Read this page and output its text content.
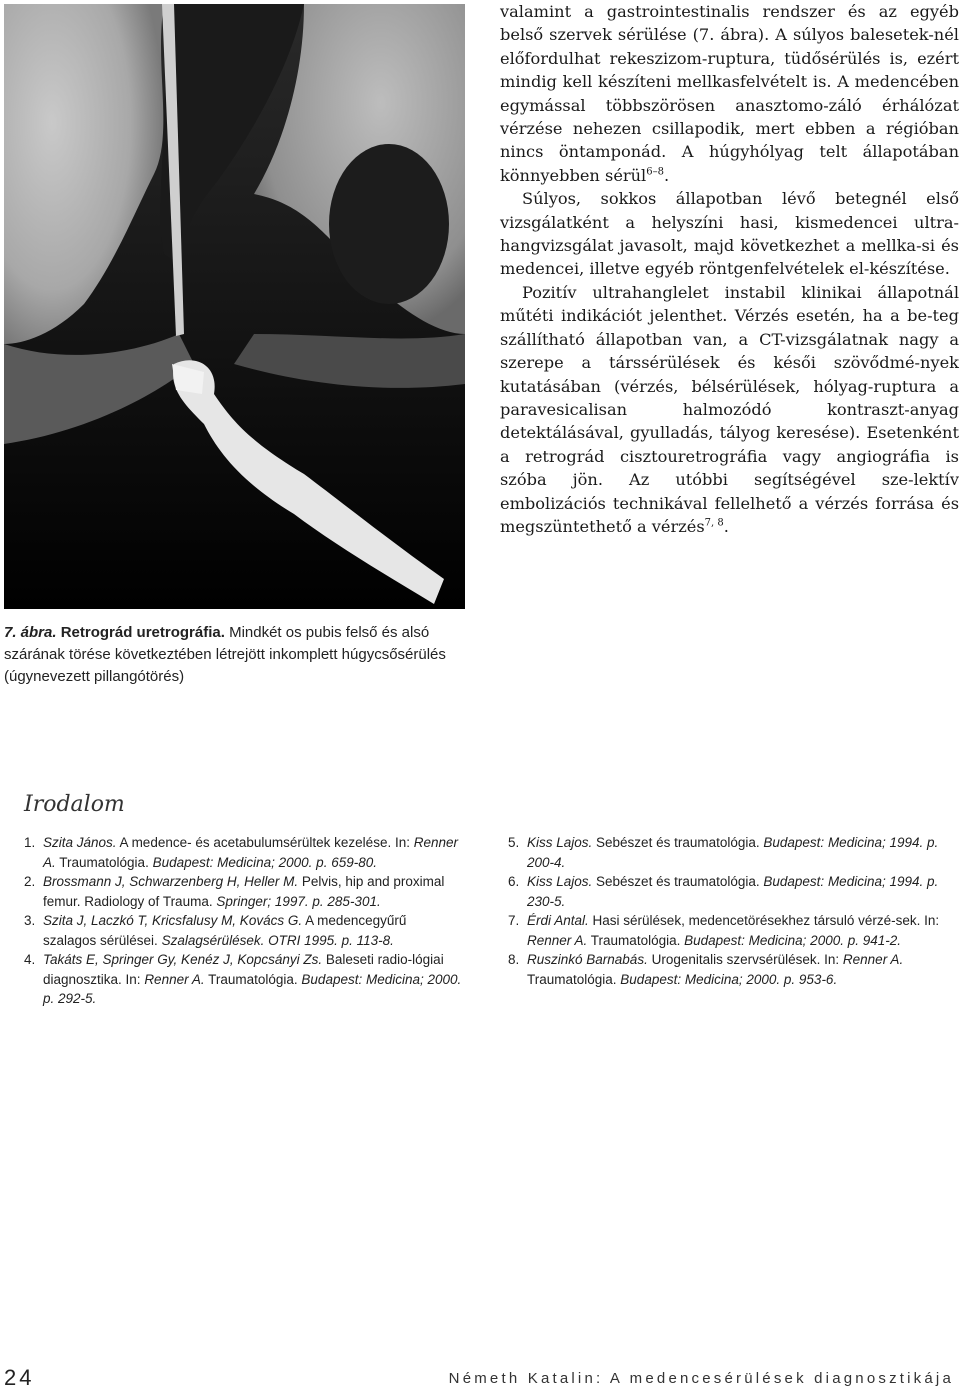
valamint a gastrointestinalis rendszer és az egyéb belső szervek sérülése (7. ábra). A súlyos balesetek-nél előfordulhat rekeszizom-ruptura, tüdősérülés is, ezért mindig kell készíteni mellkasfelvételt is. A medencében egymással többszörösen anasztomo-záló érhálózat vérzése nehezen csillapodik, mert ebben a régióban nincs öntamponád. A húgyhólyag telt állapotában könnyebben sérül$^{6-8}$.

Súlyos, sokkos állapotban lévő betegnél első vizsgálatként a helyszíni hasi, kismedencei ultra-hangvizsgálat javasolt, majd következhet a mellka-si és medencei, illetve egyéb röntgenfelvételek el-készítése.

Pozitív ultrahanglelet instabil klinikai állapotnál műtéti indikációt jelenthet. Vérzés esetén, ha a be-teg szállítható állapotban van, a CT-vizsgálatnak nagy a szerepe a társsérülések és késői szövődmé-nyek kutatásában (vérzés, bélsérülések, hólyag-ruptura a paravesicalisan halmozódó kontraszt-anyag detektálásával, gyulladás, tályog keresése). Esetenként a retrográd cisztouretrográfia vagy angiográfia is szóba jön. Az utóbbi segítségével sze-lektív embolizációs technikával fellelhető a vérzés forrása és megszüntethető a vérzés$^{7, 8}$.

7. ábra. Retrográd uretrográfia. Mindkét os pubis felső és alsó szárának törése következtében létrejött inkomplett húgycsősérülés (úgynevezett pillangótörés)
Irodalom
1. Szita János. A medence- és acetabulumsérültek kezelése. In: Renner A. Traumatológia. Budapest: Medicina; 2000. p. 659-80.
2. Brossmann J, Schwarzenberg H, Heller M. Pelvis, hip and proximal femur. Radiology of Trauma. Springer; 1997. p. 285-301.
3. Szita J, Laczkó T, Kricsfalusy M, Kovács G. A medencegyűrű szalagos sérülései. Szalagsérülések. OTRI 1995. p. 113-8.
4. Takáts E, Springer Gy, Kenéz J, Kopcsányi Zs. Baleseti radio-lógiai diagnosztika. In: Renner A. Traumatológia. Budapest: Medicina; 2000. p. 292-5.
5. Kiss Lajos. Sebészet és traumatológia. Budapest: Medicina; 1994. p. 200-4.
6. Kiss Lajos. Sebészet és traumatológia. Budapest: Medicina; 1994. p. 230-5.
7. Érdi Antal. Hasi sérülések, medencetörésekhez társuló vérzé-sek. In: Renner A. Traumatológia. Budapest: Medicina; 2000. p. 941-2.
8. Ruszinkó Barnabás. Urogenitalis szervsérülések. In: Renner A. Traumatológia. Budapest: Medicina; 2000. p. 953-6.
24	Németh Katalin: A medencesérülések diagnosztikája
